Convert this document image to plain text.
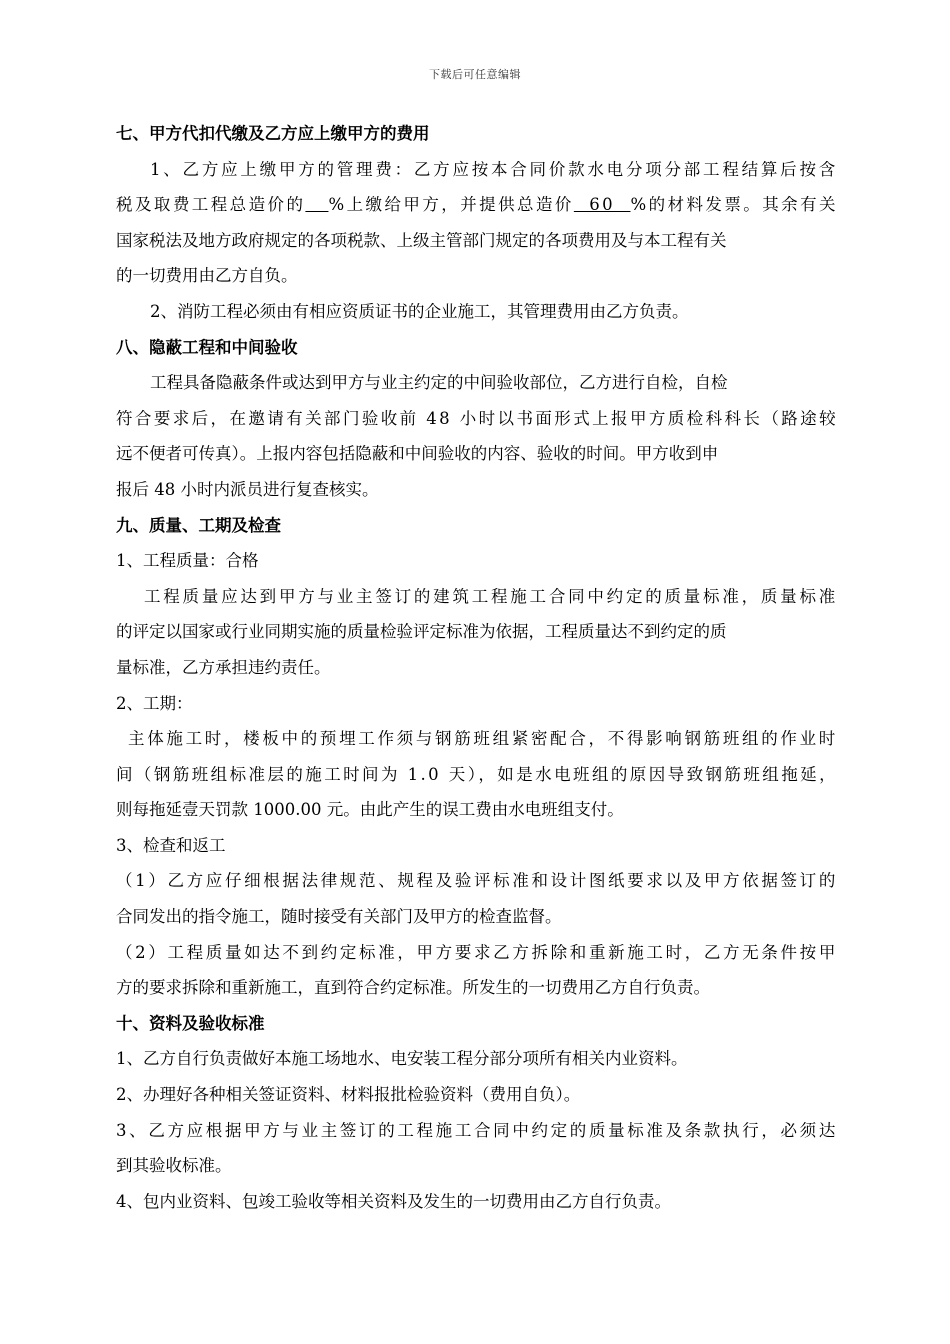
下载后可任意编辑
七、甲方代扣代缴及乙方应上缴甲方的费用
1、乙方应上缴甲方的管理费：乙方应按本合同价款水电分项分部工程结算后按含
税及取费工程总造价的 %上缴给甲方，并提供总造价  60  %的材料发票。其余有关
国家税法及地方政府规定的各项税款、上级主管部门规定的各项费用及与本工程有关
的一切费用由乙方自负。
2、消防工程必须由有相应资质证书的企业施工，其管理费用由乙方负责。
八、隐蔽工程和中间验收
工程具备隐蔽条件或达到甲方与业主约定的中间验收部位，乙方进行自检，自检
符合要求后，在邀请有关部门验收前 48 小时以书面形式上报甲方质检科科长（路途较
远不便者可传真）。上报内容包括隐蔽和中间验收的内容、验收的时间。甲方收到申
报后 48 小时内派员进行复查核实。
九、质量、工期及检查
1、工程质量：合格
工程质量应达到甲方与业主签订的建筑工程施工合同中约定的质量标准，质量标准
的评定以国家或行业同期实施的质量检验评定标准为依据，工程质量达不到约定的质
量标准，乙方承担违约责任。
2、工期：
主体施工时，楼板中的预埋工作须与钢筋班组紧密配合，不得影响钢筋班组的作业时
间（钢筋班组标准层的施工时间为 1.0 天），如是水电班组的原因导致钢筋班组拖延，
则每拖延壹天罚款 1000.00 元。由此产生的误工费由水电班组支付。
3、检查和返工
（1）乙方应仔细根据法律规范、规程及验评标准和设计图纸要求以及甲方依据签订的
合同发出的指令施工，随时接受有关部门及甲方的检查监督。
（2）工程质量如达不到约定标准，甲方要求乙方拆除和重新施工时，乙方无条件按甲
方的要求拆除和重新施工，直到符合约定标准。所发生的一切费用乙方自行负责。
十、资料及验收标准
1、乙方自行负责做好本施工场地水、电安装工程分部分项所有相关内业资料。
2、办理好各种相关签证资料、材料报批检验资料（费用自负）。
3、乙方应根据甲方与业主签订的工程施工合同中约定的质量标准及条款执行，必须达
到其验收标准。
4、包内业资料、包竣工验收等相关资料及发生的一切费用由乙方自行负责。
